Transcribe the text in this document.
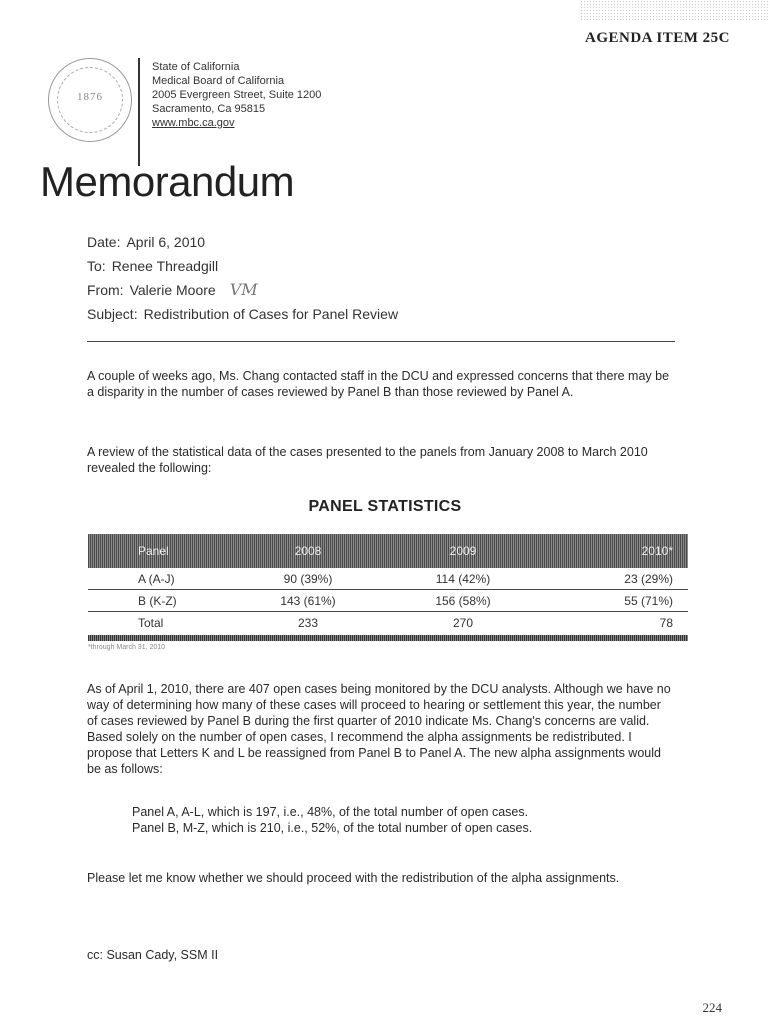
AGENDA ITEM 25C
1876
State of California
Medical Board of California
2005 Evergreen Street, Suite 1200
Sacramento, Ca 95815
www.mbc.ca.gov
Memorandum
Date: April 6, 2010
To: Renee Threadgill
From: Valerie Moore VM
Subject: Redistribution of Cases for Panel Review
A couple of weeks ago, Ms. Chang contacted staff in the DCU and expressed concerns that there may be a disparity in the number of cases reviewed by Panel B than those reviewed by Panel A.
A review of the statistical data of the cases presented to the panels from January 2008 to March 2010 revealed the following:
PANEL STATISTICS
Panel	2008	2009	2010*
A (A-J)	90 (39%)	114 (42%)	23 (29%)
B (K-Z)	143 (61%)	156 (58%)	55 (71%)
Total	233	270	78
*through March 31, 2010
As of April 1, 2010, there are 407 open cases being monitored by the DCU analysts. Although we have no way of determining how many of these cases will proceed to hearing or settlement this year, the number of cases reviewed by Panel B during the first quarter of 2010 indicate Ms. Chang's concerns are valid. Based solely on the number of open cases, I recommend the alpha assignments be redistributed. I propose that Letters K and L be reassigned from Panel B to Panel A. The new alpha assignments would be as follows:
Panel A, A-L, which is 197, i.e., 48%, of the total number of open cases.
Panel B, M-Z, which is 210, i.e., 52%, of the total number of open cases.
Please let me know whether we should proceed with the redistribution of the alpha assignments.
cc: Susan Cady, SSM II
224
